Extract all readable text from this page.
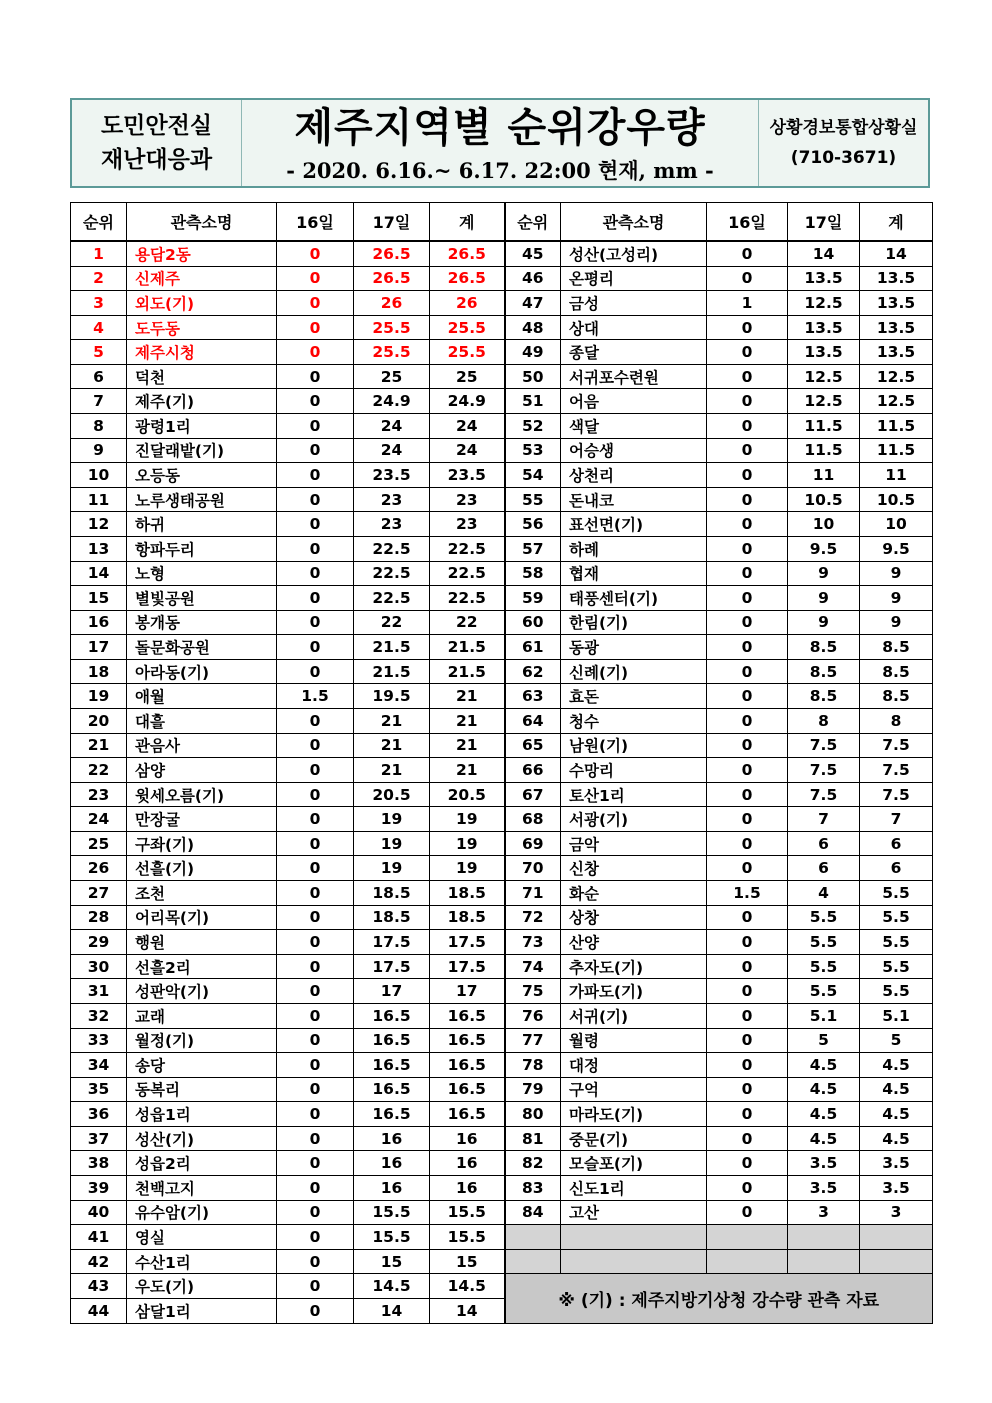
도민안전실
재난대응과
제주지역별 순위강우량
- 2020. 6.16.~ 6.17. 22:00 현재, mm -
상황경보통합상황실
(710-3671)
순위	관측소명	16일	17일	계	순위	관측소명	16일	17일	계
1	용담2동	0	26.5	26.5	45	성산(고성리)	0	14	14
2	신제주	0	26.5	26.5	46	온평리	0	13.5	13.5
3	외도(기)	0	26	26	47	금성	1	12.5	13.5
4	도두동	0	25.5	25.5	48	상대	0	13.5	13.5
5	제주시청	0	25.5	25.5	49	종달	0	13.5	13.5
6	덕천	0	25	25	50	서귀포수련원	0	12.5	12.5
7	제주(기)	0	24.9	24.9	51	어음	0	12.5	12.5
8	광령1리	0	24	24	52	색달	0	11.5	11.5
9	진달래밭(기)	0	24	24	53	어승생	0	11.5	11.5
10	오등동	0	23.5	23.5	54	상천리	0	11	11
11	노루생태공원	0	23	23	55	돈내코	0	10.5	10.5
12	하귀	0	23	23	56	표선면(기)	0	10	10
13	항파두리	0	22.5	22.5	57	하례	0	9.5	9.5
14	노형	0	22.5	22.5	58	협재	0	9	9
15	별빛공원	0	22.5	22.5	59	태풍센터(기)	0	9	9
16	봉개동	0	22	22	60	한림(기)	0	9	9
17	돌문화공원	0	21.5	21.5	61	동광	0	8.5	8.5
18	아라동(기)	0	21.5	21.5	62	신례(기)	0	8.5	8.5
19	애월	1.5	19.5	21	63	효돈	0	8.5	8.5
20	대흘	0	21	21	64	청수	0	8	8
21	관음사	0	21	21	65	남원(기)	0	7.5	7.5
22	삼양	0	21	21	66	수망리	0	7.5	7.5
23	윗세오름(기)	0	20.5	20.5	67	토산1리	0	7.5	7.5
24	만장굴	0	19	19	68	서광(기)	0	7	7
25	구좌(기)	0	19	19	69	금악	0	6	6
26	선흘(기)	0	19	19	70	신창	0	6	6
27	조천	0	18.5	18.5	71	화순	1.5	4	5.5
28	어리목(기)	0	18.5	18.5	72	상창	0	5.5	5.5
29	행원	0	17.5	17.5	73	산양	0	5.5	5.5
30	선흘2리	0	17.5	17.5	74	추자도(기)	0	5.5	5.5
31	성판악(기)	0	17	17	75	가파도(기)	0	5.5	5.5
32	교래	0	16.5	16.5	76	서귀(기)	0	5.1	5.1
33	월정(기)	0	16.5	16.5	77	월령	0	5	5
34	송당	0	16.5	16.5	78	대정	0	4.5	4.5
35	동복리	0	16.5	16.5	79	구억	0	4.5	4.5
36	성읍1리	0	16.5	16.5	80	마라도(기)	0	4.5	4.5
37	성산(기)	0	16	16	81	중문(기)	0	4.5	4.5
38	성읍2리	0	16	16	82	모슬포(기)	0	3.5	3.5
39	천백고지	0	16	16	83	신도1리	0	3.5	3.5
40	유수암(기)	0	15.5	15.5	84	고산	0	3	3
41	영실	0	15.5	15.5					
42	수산1리	0	15	15					
43	우도(기)	0	14.5	14.5	※ (기) : 제주지방기상청 강수량 관측 자료				
44	삼달1리	0	14	14					
